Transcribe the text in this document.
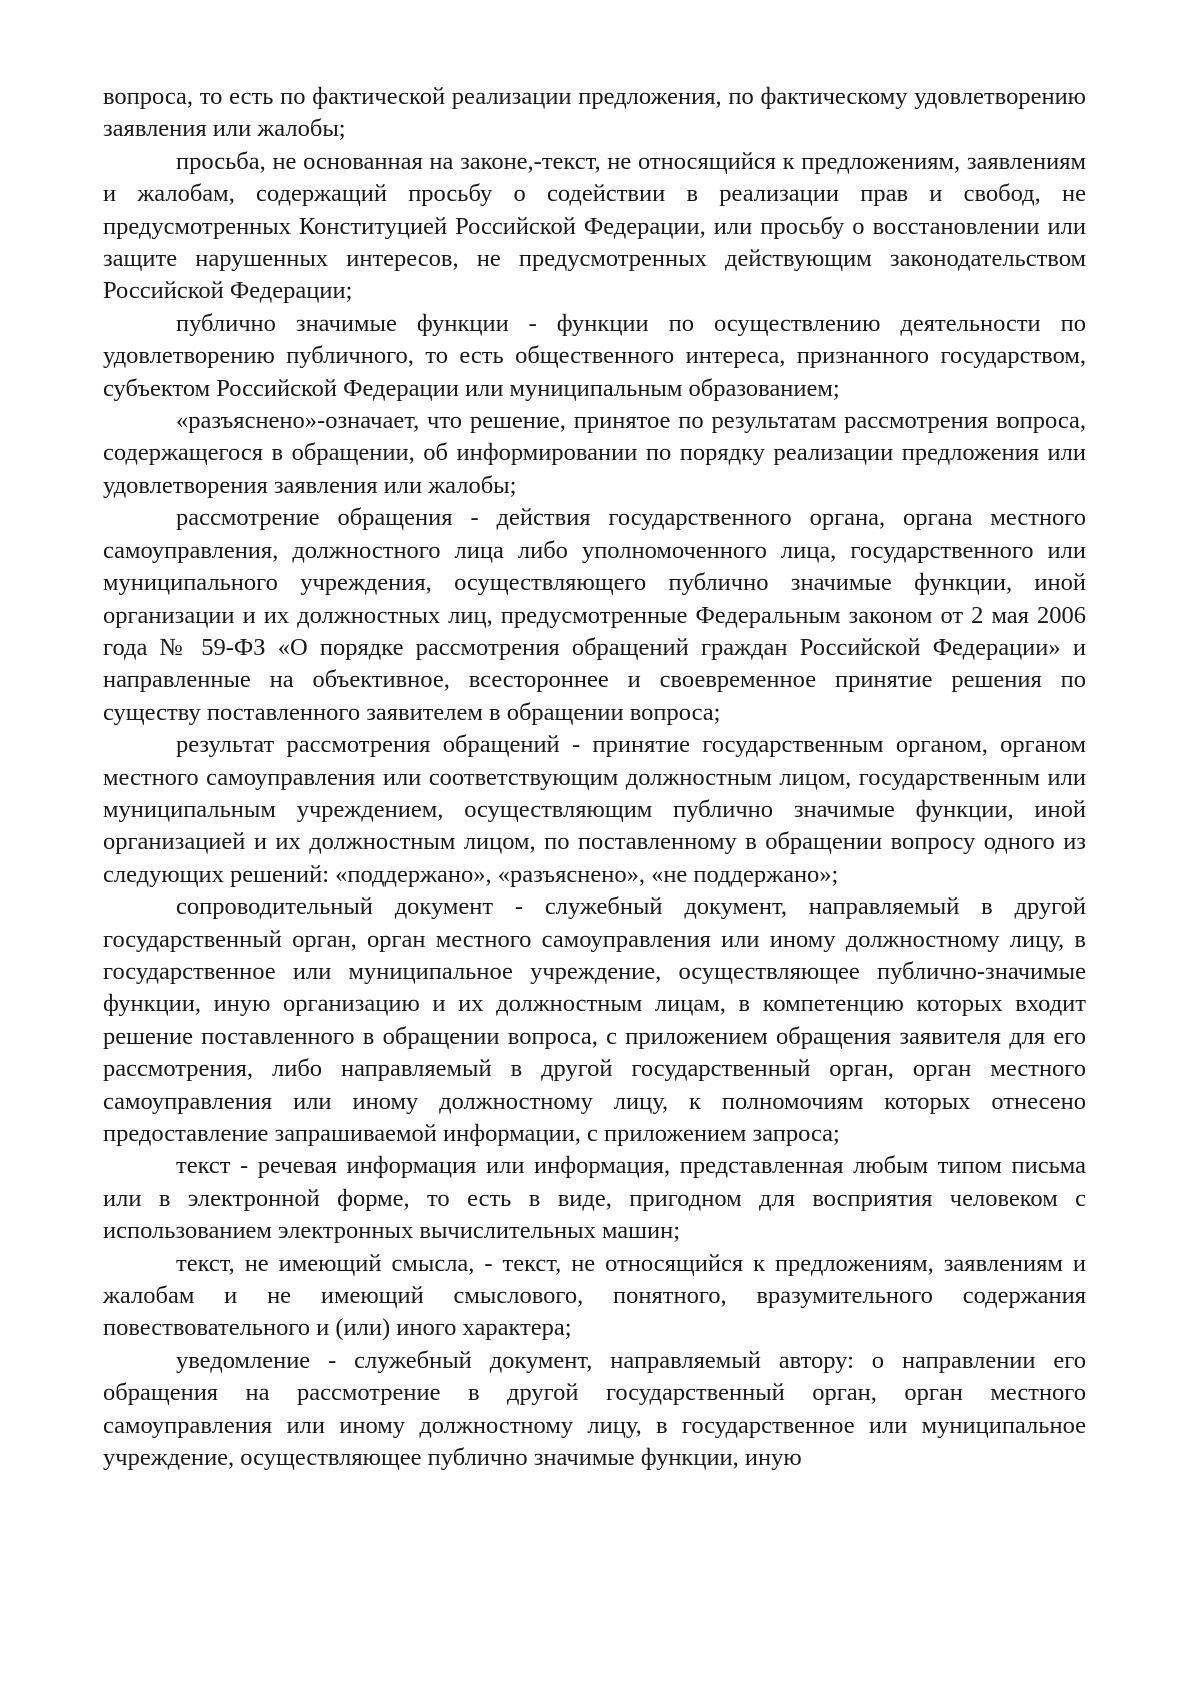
вопроса, то есть по фактической реализации предложения, по фактическому удовлетворению заявления или жалобы;

просьба, не основанная на законе,-текст, не относящийся к предложениям, заявлениям и жалобам, содержащий просьбу о содействии в реализации прав и свобод, не предусмотренных Конституцией Российской Федерации, или просьбу о восстановлении или защите нарушенных интересов, не предусмотренных действующим законодательством Российской Федерации;

публично значимые функции - функции по осуществлению деятельности по удовлетворению публичного, то есть общественного интереса, признанного государством, субъектом Российской Федерации или муниципальным образованием;

«разъяснено»-означает, что решение, принятое по результатам рассмотрения вопроса, содержащегося в обращении, об информировании по порядку реализации предложения или удовлетворения заявления или жалобы;

рассмотрение обращения - действия государственного органа, органа местного самоуправления, должностного лица либо уполномоченного лица, государственного или муниципального учреждения, осуществляющего публично значимые функции, иной организации и их должностных лиц, предусмотренные Федеральным законом от 2 мая 2006 года № 59-ФЗ «О порядке рассмотрения обращений граждан Российской Федерации» и направленные на объективное, всестороннее и своевременное принятие решения по существу поставленного заявителем в обращении вопроса;

результат рассмотрения обращений - принятие государственным органом, органом местного самоуправления или соответствующим должностным лицом, государственным или муниципальным учреждением, осуществляющим публично значимые функции, иной организацией и их должностным лицом, по поставленному в обращении вопросу одного из следующих решений: «поддержано», «разъяснено», «не поддержано»;

сопроводительный документ - служебный документ, направляемый в другой государственный орган, орган местного самоуправления или иному должностному лицу, в государственное или муниципальное учреждение, осуществляющее публично-значимые функции, иную организацию и их должностным лицам, в компетенцию которых входит решение поставленного в обращении вопроса, с приложением обращения заявителя для его рассмотрения, либо направляемый в другой государственный орган, орган местного самоуправления или иному должностному лицу, к полномочиям которых отнесено предоставление запрашиваемой информации, с приложением запроса;

текст - речевая информация или информация, представленная любым типом письма или в электронной форме, то есть в виде, пригодном для восприятия человеком с использованием электронных вычислительных машин;

текст, не имеющий смысла, - текст, не относящийся к предложениям, заявлениям и жалобам и не имеющий смыслового, понятного, вразумительного содержания повествовательного и (или) иного характера;

уведомление - служебный документ, направляемый автору: о направлении его обращения на рассмотрение в другой государственный орган, орган местного самоуправления или иному должностному лицу, в государственное или муниципальное учреждение, осуществляющее публично значимые функции, иную
